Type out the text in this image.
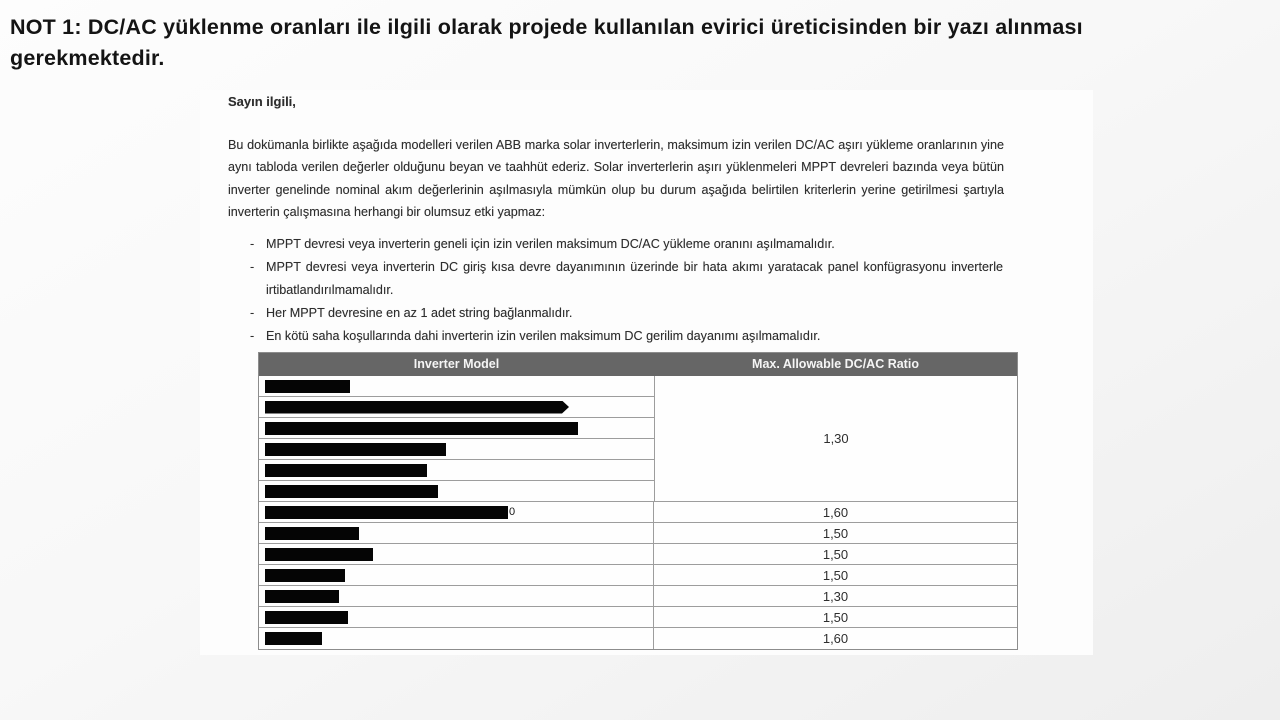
NOT 1: DC/AC yüklenme oranları ile ilgili olarak projede kullanılan evirici üreticisinden bir yazı alınması gerekmektedir.

Sayın ilgili,

Bu dokümanla birlikte aşağıda modelleri verilen ABB marka solar inverterlerin, maksimum izin verilen DC/AC aşırı yükleme oranlarının yine aynı tabloda verilen değerler olduğunu beyan ve taahhüt ederiz. Solar inverterlerin aşırı yüklenmeleri MPPT devreleri bazında veya bütün inverter genelinde nominal akım değerlerinin aşılmasıyla mümkün olup bu durum aşağıda belirtilen kriterlerin yerine getirilmesi şartıyla inverterin çalışmasına herhangi bir olumsuz etki yapmaz:

- MPPT devresi veya inverterin geneli için izin verilen maksimum DC/AC yükleme oranını aşılmamalıdır.
- MPPT devresi veya inverterin DC giriş kısa devre dayanımının üzerinde bir hata akımı yaratacak panel konfügrasyonu inverterle irtibatlandırılmamalıdır.
- Her MPPT devresine en az 1 adet string bağlanmalıdır.
- En kötü saha koşullarında dahi inverterin izin verilen maksimum DC gerilim dayanımı aşılmamalıdır.
Inverter Model	Max. Allowable DC/AC Ratio
1,30
0	1,60
1,50
1,50
1,50
1,30
1,50
1,60
